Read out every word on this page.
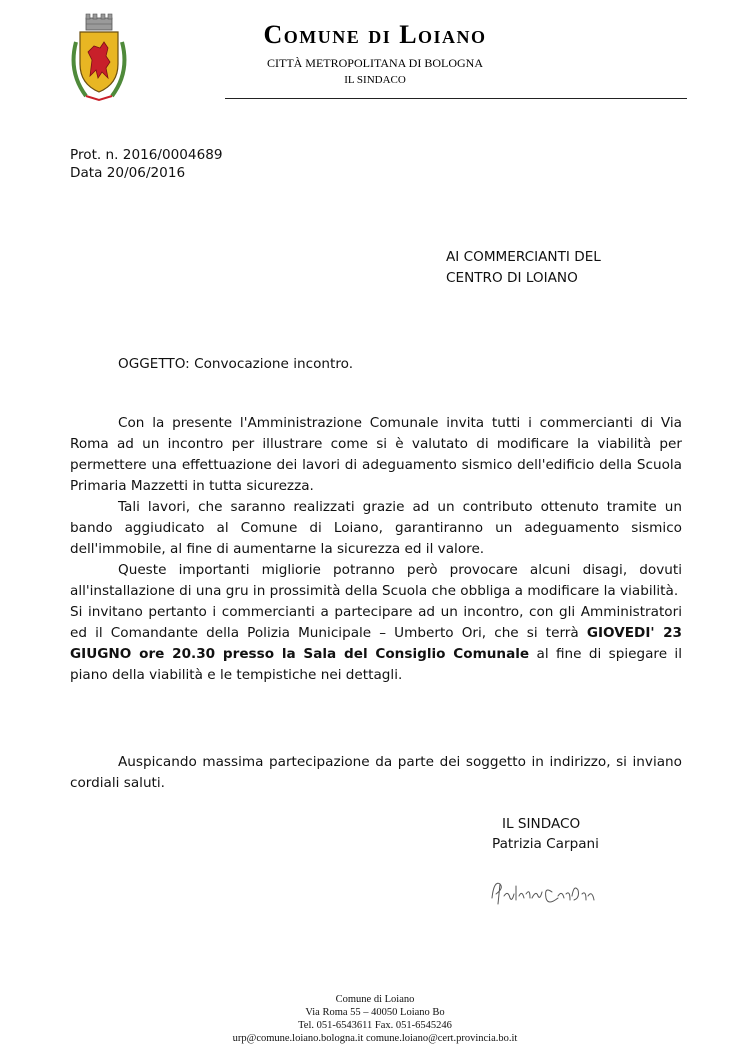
Comune di Loiano
CITTÀ METROPOLITANA DI BOLOGNA
IL SINDACO
Prot. n. 2016/0004689
Data 20/06/2016
AI COMMERCIANTI DEL
CENTRO DI LOIANO
OGGETTO: Convocazione incontro.

Con la presente l'Amministrazione Comunale invita tutti i commercianti di Via Roma ad un incontro per illustrare come si è valutato di modificare la viabilità per permettere una effettuazione dei lavori di adeguamento sismico dell'edificio della Scuola Primaria Mazzetti in tutta sicurezza.

Tali lavori, che saranno realizzati grazie ad un contributo ottenuto tramite un bando aggiudicato al Comune di Loiano, garantiranno un adeguamento sismico dell'immobile, al fine di aumentarne la sicurezza ed il valore.

Queste importanti migliorie potranno però provocare alcuni disagi, dovuti all'installazione di una gru in prossimità della Scuola che obbliga a modificare la viabilità.

Si invitano pertanto i commercianti a partecipare ad un incontro, con gli Amministratori ed il Comandante della Polizia Municipale – Umberto Ori, che si terrà GIOVEDI' 23 GIUGNO ore 20.30 presso la Sala del Consiglio Comunale al fine di spiegare il piano della viabilità e le tempistiche nei dettagli.

Auspicando massima partecipazione da parte dei soggetto in indirizzo, si inviano cordiali saluti.
IL SINDACO
Patrizia Carpani
Comune di Loiano
Via Roma 55 – 40050 Loiano Bo
Tel. 051-6543611 Fax. 051-6545246
urp@comune.loiano.bologna.it comune.loiano@cert.provincia.bo.it
